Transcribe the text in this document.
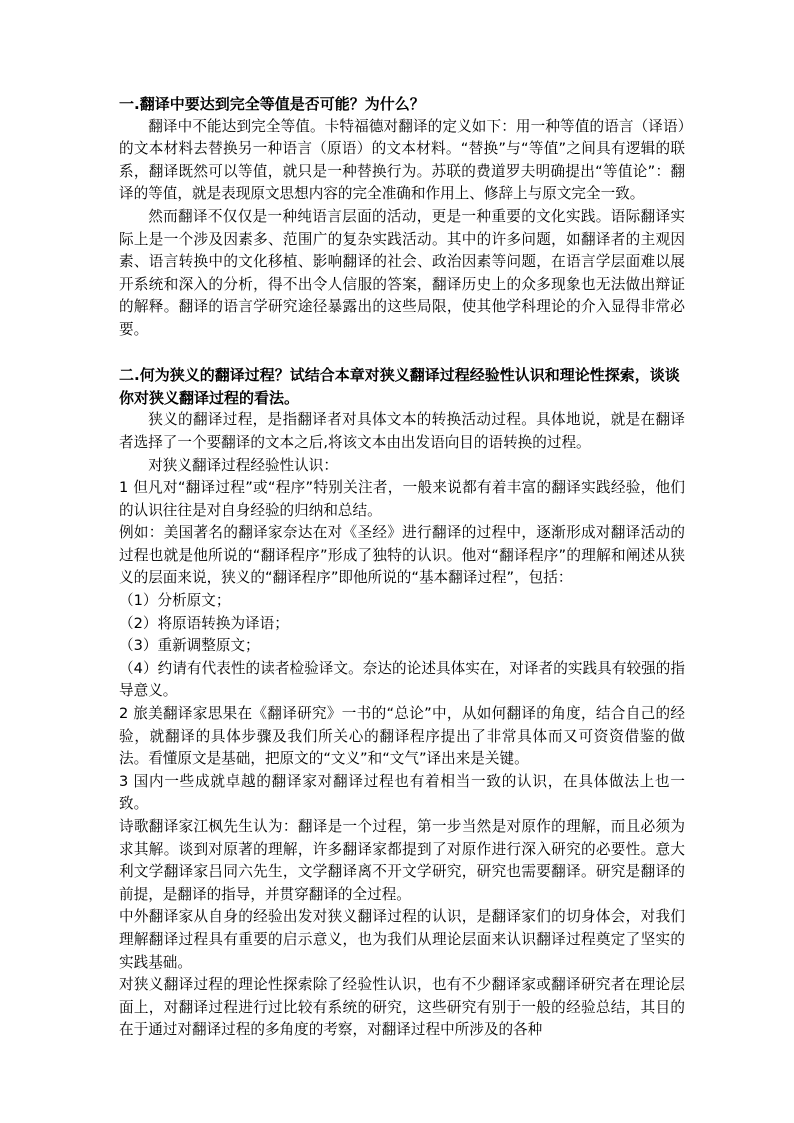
一.翻译中要达到完全等值是否可能？为什么？

翻译中不能达到完全等值。卡特福德对翻译的定义如下：用一种等值的语言（译语）的文本材料去替换另一种语言（原语）的文本材料。“替换”与“等值”之间具有逻辑的联系，翻译既然可以等值，就只是一种替换行为。苏联的费道罗夫明确提出“等值论”：翻译的等值，就是表现原文思想内容的完全准确和作用上、修辞上与原文完全一致。

然而翻译不仅仅是一种纯语言层面的活动，更是一种重要的文化实践。语际翻译实际上是一个涉及因素多、范围广的复杂实践活动。其中的许多问题，如翻译者的主观因素、语言转换中的文化移植、影响翻译的社会、政治因素等问题，在语言学层面难以展开系统和深入的分析，得不出令人信服的答案，翻译历史上的众多现象也无法做出辩证的解释。翻译的语言学研究途径暴露出的这些局限，使其他学科理论的介入显得非常必要。

二.何为狭义的翻译过程？试结合本章对狭义翻译过程经验性认识和理论性探索，谈谈你对狭义翻译过程的看法。

狭义的翻译过程，是指翻译者对具体文本的转换活动过程。具体地说，就是在翻译者选择了一个要翻译的文本之后,将该文本由出发语向目的语转换的过程。

对狭义翻译过程经验性认识：

1 但凡对“翻译过程”或“程序”特别关注者，一般来说都有着丰富的翻译实践经验，他们的认识往往是对自身经验的归纳和总结。

例如：美国著名的翻译家奈达在对《圣经》进行翻译的过程中，逐渐形成对翻译活动的过程也就是他所说的“翻译程序”形成了独特的认识。他对“翻译程序”的理解和阐述从狭义的层面来说，狭义的“翻译程序”即他所说的“基本翻译过程”，包括：

（1）分析原文；

（2）将原语转换为译语；

（3）重新调整原文；

（4）约请有代表性的读者检验译文。奈达的论述具体实在，对译者的实践具有较强的指导意义。

2 旅美翻译家思果在《翻译研究》一书的“总论”中，从如何翻译的角度，结合自己的经验，就翻译的具体步骤及我们所关心的翻译程序提出了非常具体而又可资资借鉴的做法。看懂原文是基础，把原文的“文义”和“文气”译出来是关键。

3 国内一些成就卓越的翻译家对翻译过程也有着相当一致的认识，在具体做法上也一致。

诗歌翻译家江枫先生认为：翻译是一个过程，第一步当然是对原作的理解，而且必须为求其解。谈到对原著的理解，许多翻译家都提到了对原作进行深入研究的必要性。意大利文学翻译家吕同六先生，文学翻译离不开文学研究，研究也需要翻译。研究是翻译的前提，是翻译的指导，并贯穿翻译的全过程。

中外翻译家从自身的经验出发对狭义翻译过程的认识，是翻译家们的切身体会，对我们理解翻译过程具有重要的启示意义，也为我们从理论层面来认识翻译过程奠定了坚实的实践基础。

对狭义翻译过程的理论性探索除了经验性认识，也有不少翻译家或翻译研究者在理论层面上，对翻译过程进行过比较有系统的研究，这些研究有别于一般的经验总结，其目的在于通过对翻译过程的多角度的考察，对翻译过程中所涉及的各种
